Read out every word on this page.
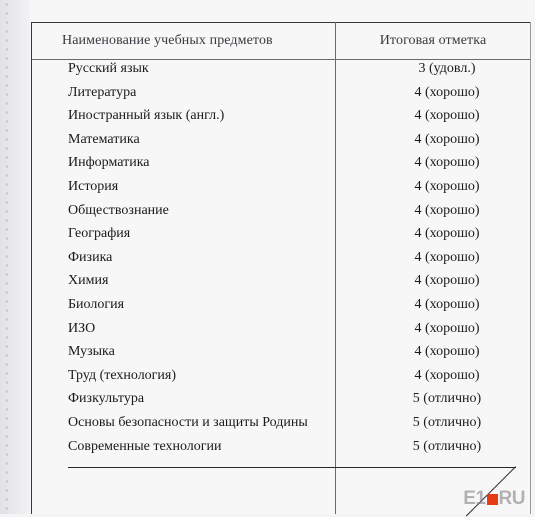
Наименование учебных предметов	Итоговая отметка
Русский язык	3 (удовл.)
Литература	4 (хорошо)
Иностранный язык (англ.)	4 (хорошо)
Математика	4 (хорошо)
Информатика	4 (хорошо)
История	4 (хорошо)
Обществознание	4 (хорошо)
География	4 (хорошо)
Физика	4 (хорошо)
Химия	4 (хорошо)
Биология	4 (хорошо)
ИЗО	4 (хорошо)
Музыка	4 (хорошо)
Труд (технология)	4 (хорошо)
Физкультура	5 (отлично)
Основы безопасности и защиты Родины	5 (отлично)
Современные технологии	5 (отлично)
E1 RU
